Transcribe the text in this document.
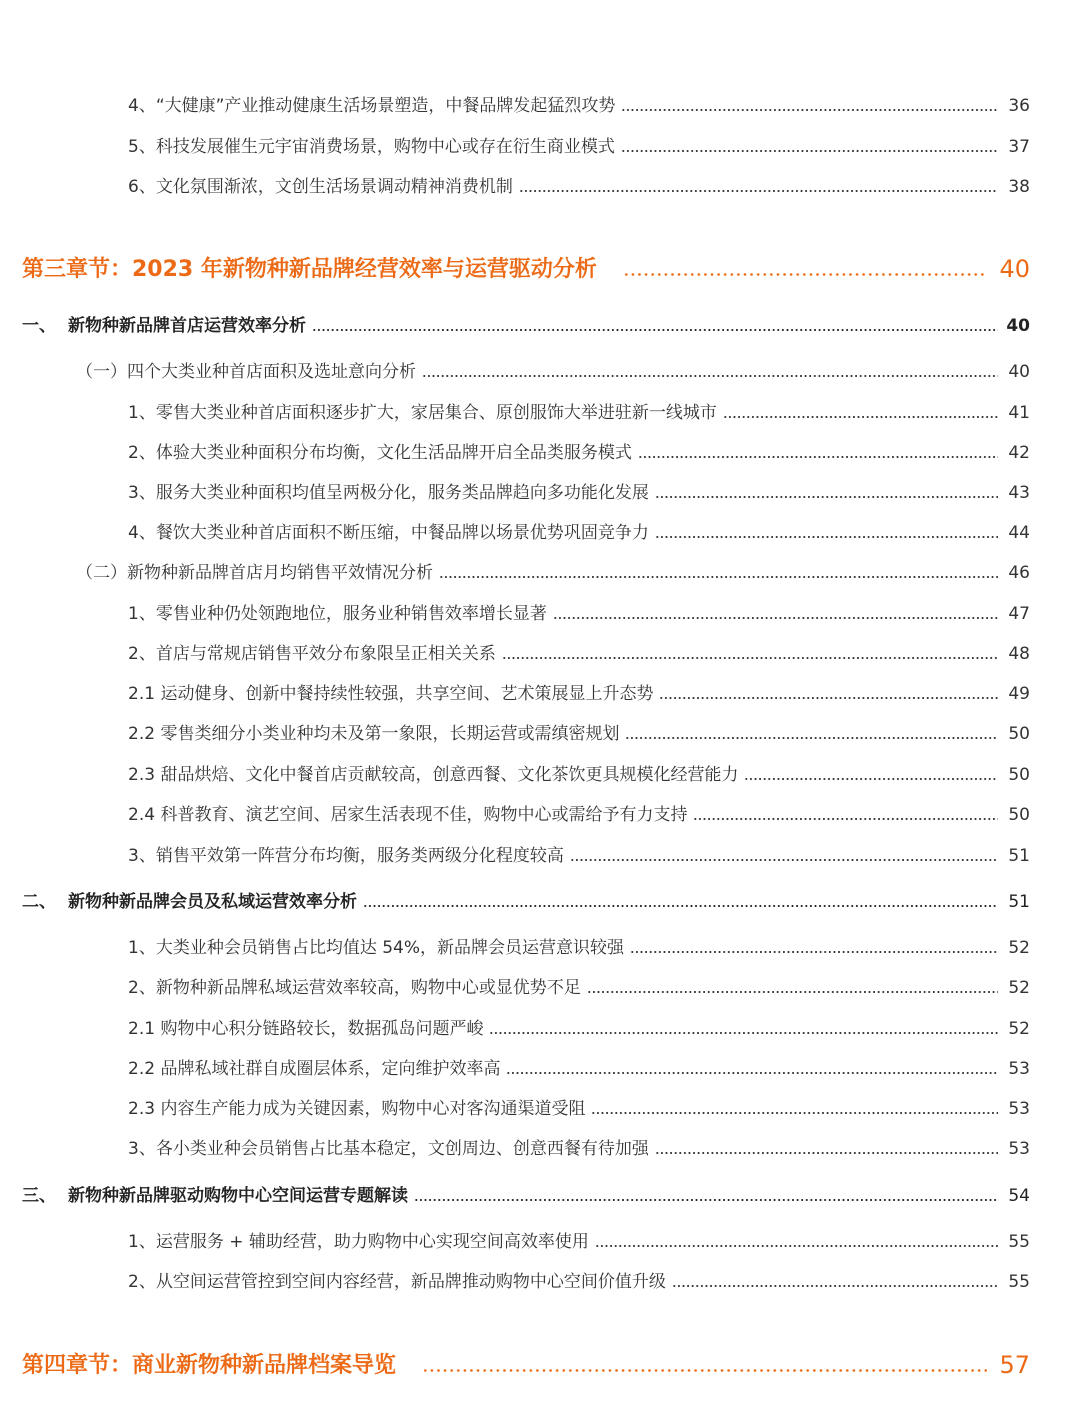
4、“大健康”产业推动健康生活场景塑造，中餐品牌发起猛烈攻势	36
5、科技发展催生元宇宙消费场景，购物中心或存在衍生商业模式	37
6、文化氛围渐浓，文创生活场景调动精神消费机制	38
第三章节：2023 年新物种新品牌经营效率与运营驱动分析	40
一、 新物种新品牌首店运营效率分析	40
（一）四个大类业种首店面积及选址意向分析	40
1、零售大类业种首店面积逐步扩大，家居集合、原创服饰大举进驻新一线城市	41
2、体验大类业种面积分布均衡，文化生活品牌开启全品类服务模式	42
3、服务大类业种面积均值呈两极分化，服务类品牌趋向多功能化发展	43
4、餐饮大类业种首店面积不断压缩，中餐品牌以场景优势巩固竞争力	44
（二）新物种新品牌首店月均销售平效情况分析	46
1、零售业种仍处领跑地位，服务业种销售效率增长显著	47
2、首店与常规店销售平效分布象限呈正相关关系	48
2.1 运动健身、创新中餐持续性较强，共享空间、艺术策展显上升态势	49
2.2 零售类细分小类业种均未及第一象限，长期运营或需缜密规划	50
2.3 甜品烘焙、文化中餐首店贡献较高，创意西餐、文化茶饮更具规模化经营能力	50
2.4 科普教育、演艺空间、居家生活表现不佳，购物中心或需给予有力支持	50
3、销售平效第一阵营分布均衡，服务类两级分化程度较高	51
二、 新物种新品牌会员及私域运营效率分析	51
1、大类业种会员销售占比均值达 54%，新品牌会员运营意识较强	52
2、新物种新品牌私域运营效率较高，购物中心或显优势不足	52
2.1 购物中心积分链路较长，数据孤岛问题严峻	52
2.2 品牌私域社群自成圈层体系，定向维护效率高	53
2.3 内容生产能力成为关键因素，购物中心对客沟通渠道受阻	53
3、各小类业种会员销售占比基本稳定，文创周边、创意西餐有待加强	53
三、 新物种新品牌驱动购物中心空间运营专题解读	54
1、运营服务 + 辅助经营，助力购物中心实现空间高效率使用	55
2、从空间运营管控到空间内容经营，新品牌推动购物中心空间价值升级	55
第四章节：商业新物种新品牌档案导览	57
